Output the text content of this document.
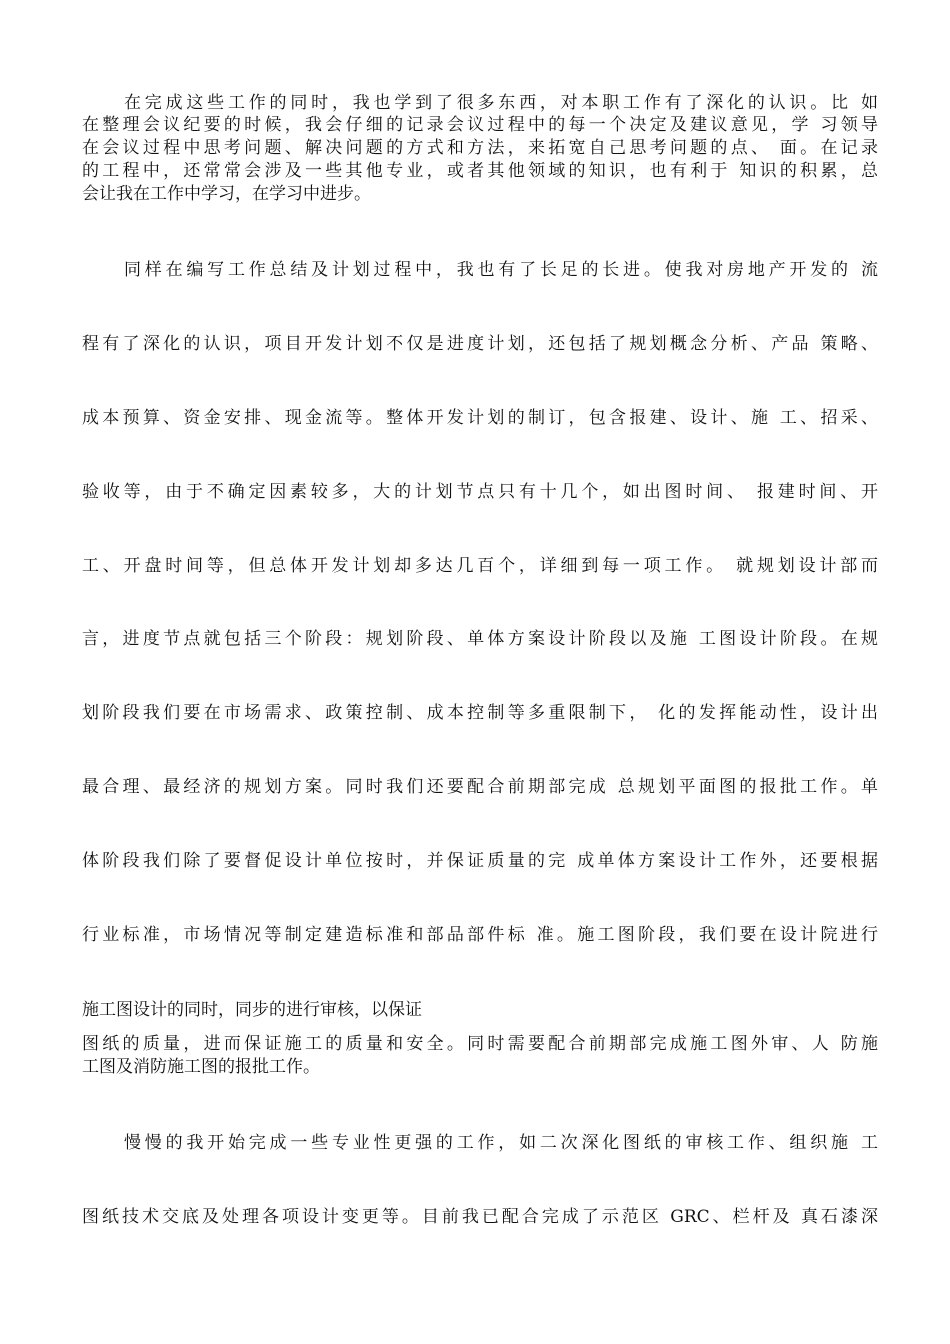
在完成这些工作的同时，我也学到了很多东西，对本职工作有了深化的认识。比 如

在整理会议纪要的时候，我会仔细的记录会议过程中的每一个决定及建议意见，学 习领导

在会议过程中思考问题、解决问题的方式和方法，来拓宽自己思考问题的点、 面。在记录

的工程中，还常常会涉及一些其他专业，或者其他领域的知识，也有利于 知识的积累，总

会让我在工作中学习，在学习中进步。

同样在编写工作总结及计划过程中，我也有了长足的长进。使我对房地产开发的 流

程有了深化的认识，项目开发计划不仅是进度计划，还包括了规划概念分析、产品 策略、

成本预算、资金安排、现金流等。整体开发计划的制订，包含报建、设计、施 工、招采、

验收等，由于不确定因素较多，大的计划节点只有十几个，如出图时间、 报建时间、开

工、开盘时间等，但总体开发计划却多达几百个，详细到每一项工作。 就规划设计部而

言，进度节点就包括三个阶段：规划阶段、单体方案设计阶段以及施 工图设计阶段。在规

划阶段我们要在市场需求、政策控制、成本控制等多重限制下， 化的发挥能动性，设计出

最合理、最经济的规划方案。同时我们还要配合前期部完成 总规划平面图的报批工作。单

体阶段我们除了要督促设计单位按时，并保证质量的完 成单体方案设计工作外，还要根据

行业标准，市场情况等制定建造标准和部品部件标 准。施工图阶段，我们要在设计院进行

施工图设计的同时，同步的进行审核，以保证

图纸的质量，进而保证施工的质量和安全。同时需要配合前期部完成施工图外审、人 防施

工图及消防施工图的报批工作。

慢慢的我开始完成一些专业性更强的工作，如二次深化图纸的审核工作、组织施 工

图纸技术交底及处理各项设计变更等。目前我已配合完成了示范区 GRC、栏杆及 真石漆深
